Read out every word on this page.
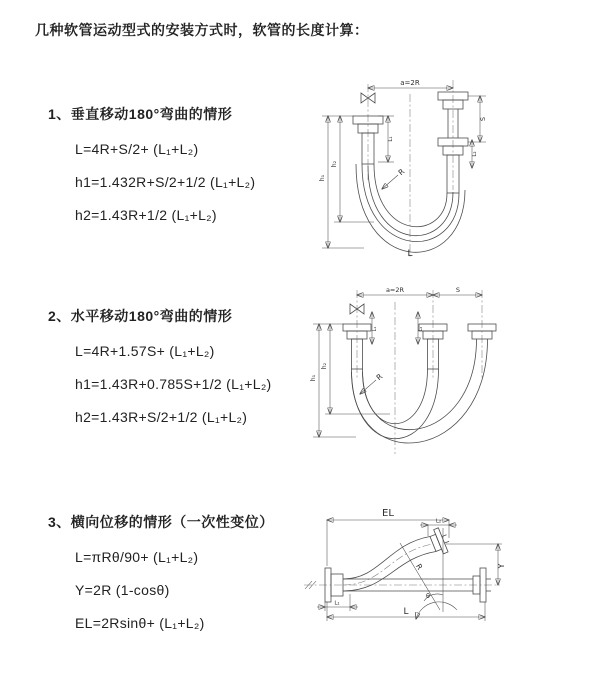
几种软管运动型式的安装方式时，软管的长度计算：
1、垂直移动180°弯曲的情形
L=4R+S/2+ (L₁+L₂)
h1=1.432R+S/2+1/2 (L₁+L₂)
h2=1.43R+1/2 (L₁+L₂)
a=2R
S
L₂
L₁
h₁
h₂
R
L
2、水平移动180°弯曲的情形
L=4R+1.57S+ (L₁+L₂)
h1=1.43R+0.785S+1/2 (L₁+L₂)
h2=1.43R+S/2+1/2 (L₁+L₂)
a=2R	S
L₁	L₂
h₁
h₂
R
3、横向位移的情形（一次性变位）
L=πRθ/90+ (L₁+L₂)
Y=2R (1-cosθ)
EL=2Rsinθ+ (L₁+L₂)
EL
L₂
Y
L
L₁
R
θ
